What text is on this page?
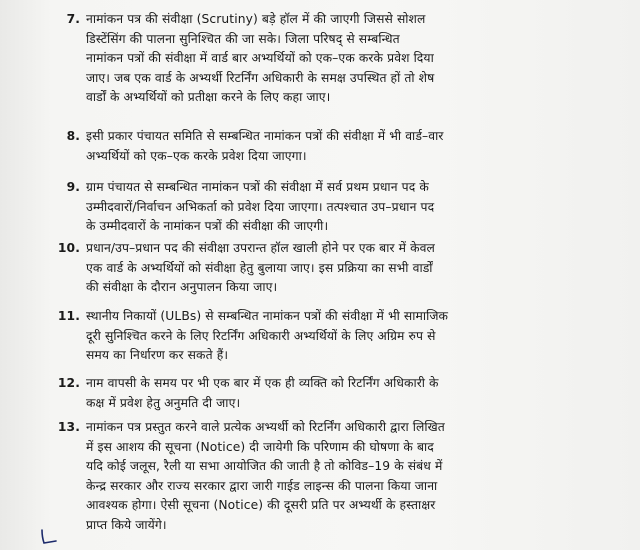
7. नामांकन पत्र की संवीक्षा (Scrutiny) बड़े हॉल में की जाएगी जिससे सोशल
डिस्टेंसिंग की पालना सुनिश्चित की जा सके। जिला परिषद् से सम्बन्धित
नामांकन पत्रों की संवीक्षा में वार्ड बार अभ्यर्थियों को एक–एक करके प्रवेश दिया
जाए। जब एक वार्ड के अभ्यर्थी रिटर्निंग अधिकारी के समक्ष उपस्थित हों तो शेष
वार्डों के अभ्यर्थियों को प्रतीक्षा करने के लिए कहा जाए।
8. इसी प्रकार पंचायत समिति से सम्बन्धित नामांकन पत्रों की संवीक्षा में भी वार्ड–वार
अभ्यर्थियों को एक–एक करके प्रवेश दिया जाएगा।
9. ग्राम पंचायत से सम्बन्धित नामांकन पत्रों की संवीक्षा में सर्व प्रथम प्रधान पद के
उम्मीदवारों/निर्वाचन अभिकर्ता को प्रवेश दिया जाएगा। तत्पश्चात उप–प्रधान पद
के उम्मीदवारों के नामांकन पत्रों की संवीक्षा की जाएगी।
10. प्रधान/उप–प्रधान पद की संवीक्षा उपरान्त हॉल खाली होने पर एक बार में केवल
एक वार्ड के अभ्यर्थियों को संवीक्षा हेतु बुलाया जाए। इस प्रक्रिया का सभी वार्डों
की संवीक्षा के दौरान अनुपालन किया जाए।
11. स्थानीय निकायों (ULBs) से सम्बन्धित नामांकन पत्रों की संवीक्षा में भी सामाजिक
दूरी सुनिश्चित करने के लिए रिटर्निंग अधिकारी अभ्यर्थियों के लिए अग्रिम रुप से
समय का निर्धारण कर सकते हैं।
12. नाम वापसी के समय पर भी एक बार में एक ही व्यक्ति को रिटर्निंग अधिकारी के
कक्ष में प्रवेश हेतु अनुमति दी जाए।
13. नामांकन पत्र प्रस्तुत करने वाले प्रत्येक अभ्यर्थी को रिटर्निंग अधिकारी द्वारा लिखित
में इस आशय की सूचना (Notice) दी जायेगी कि परिणाम की घोषणा के बाद
यदि कोई जलूस, रैली या सभा आयोजित की जाती है तो कोविड–19 के संबंध में
केन्द्र सरकार और राज्य सरकार द्वारा जारी गाईड लाइन्स की पालना किया जाना
आवश्यक होगा। ऐसी सूचना (Notice) की दूसरी प्रति पर अभ्यर्थी के हस्ताक्षर
प्राप्त किये जायेंगे।
